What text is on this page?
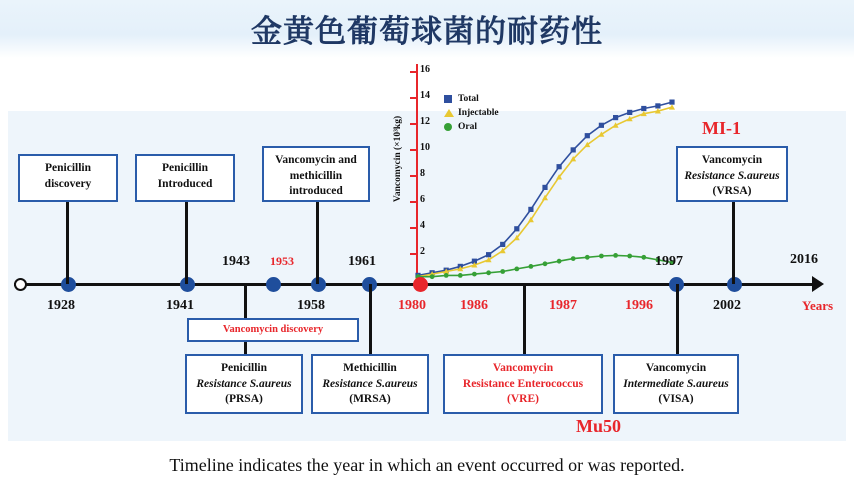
金黄色葡萄球菌的耐药性
Vancomycin (×10³kg)
16
14
12
10
8
6
4
2
Total
Injectable
Oral
Years
2016
1928	1941
1943 1953
1958
1961
1980 1986	1987	1996
1997
2002
Penicillin
discovery
Penicillin
Introduced
Vancomycin and
methicillin
introduced
Vancomycin
Resistance S.aureus
(VRSA)
MI-1
Mu50
Vancomycin discovery
Penicillin
Resistance S.aureus
(PRSA)
Methicillin
Resistance S.aureus
(MRSA)
Vancomycin
Resistance Enterococcus
(VRE)
Vancomycin
Intermediate S.aureus
(VISA)
Timeline indicates the year in which an event occurred or was reported.
